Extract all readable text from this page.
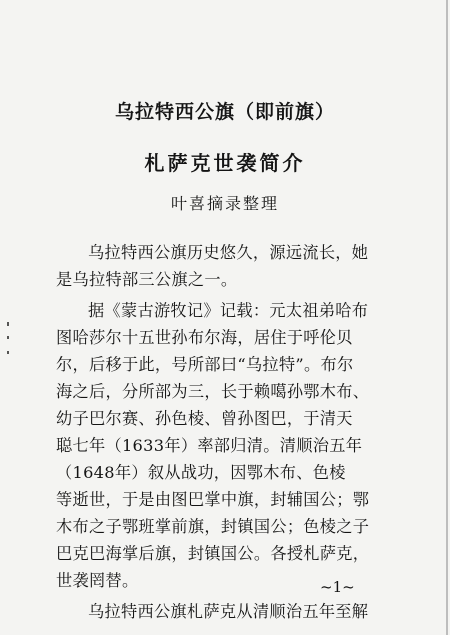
乌拉特西公旗（即前旗）
札萨克世袭简介

叶喜摘录整理

乌拉特西公旗历史悠久，源远流长，她

是乌拉特部三公旗之一。

据《蒙古游牧记》记载：元太祖弟哈布

图哈莎尔十五世孙布尔海，居住于呼伦贝

尔，后移于此，号所部曰“乌拉特”。布尔

海之后，分所部为三，长于赖噶孙鄂木布、

幼子巴尔赛、孙色棱、曾孙图巴，于清天

聪七年（1633年）率部归清。清顺治五年

（1648年）叙从战功，因鄂木布、色棱

等逝世，于是由图巴掌中旗，封辅国公；鄂

木布之子鄂班掌前旗，封镇国公；色棱之子

巴克巴海掌后旗，封镇国公。各授札萨克，

世袭罔替。

乌拉特西公旗札萨克从清顺治五年至解

~1~
